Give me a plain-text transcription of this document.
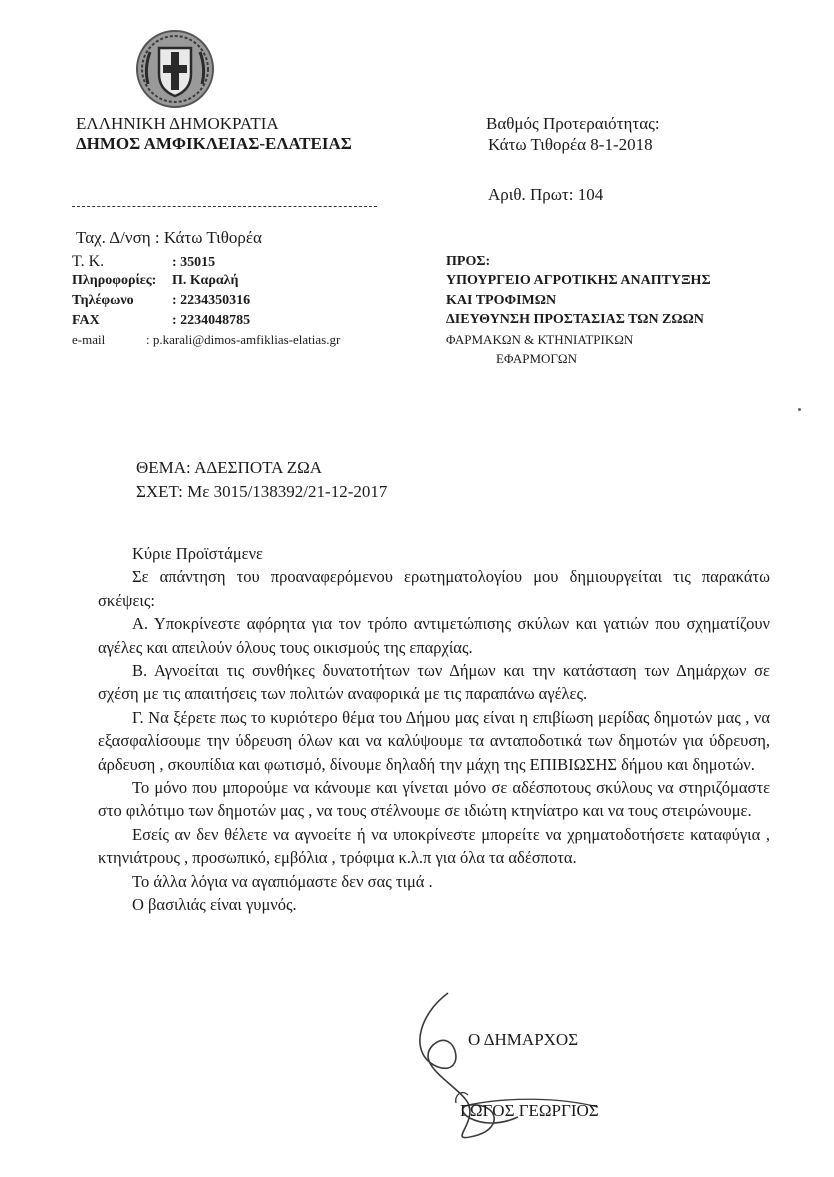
ΕΛΛΗΝΙΚΗ ΔΗΜΟΚΡΑΤΙΑ
ΔΗΜΟΣ ΑΜΦΙΚΛΕΙΑΣ-ΕΛΑΤΕΙΑΣ
Βαθμός Προτεραιότητας:
Κάτω Τιθορέα 8-1-2018
Αριθ. Πρωτ: 104
Ταχ. Δ/νση : Κάτω Τιθορέα
Τ. Κ.	: 35015
Πληροφορίες: Π. Καραλή
Τηλέφωνο	: 2234350316
FAX	: 2234048785
e-mail	: p.karali@dimos-amfiklias-elatias.gr
ΠΡΟΣ:
ΥΠΟΥΡΓΕΙΟ ΑΓΡΟΤΙΚΗΣ ΑΝΑΠΤΥΞΗΣ
ΚΑΙ ΤΡΟΦΙΜΩΝ
ΔΙΕΥΘΥΝΣΗ ΠΡΟΣΤΑΣΙΑΣ ΤΩΝ ΖΩΩΝ
ΦΑΡΜΑΚΩΝ & ΚΤΗΝΙΑΤΡΙΚΩΝ
ΕΦΑΡΜΟΓΩΝ
ΘΕΜΑ: ΑΔΕΣΠΟΤΑ ΖΩΑ
ΣΧΕΤ: Με 3015/138392/21-12-2017

Κύριε Προϊστάμενε

Σε απάντηση του προαναφερόμενου ερωτηματολογίου μου δημιουργείται τις παρακάτω σκέψεις:

Α. Υποκρίνεστε αφόρητα για τον τρόπο αντιμετώπισης σκύλων και γατιών που σχηματίζουν αγέλες και απειλούν όλους τους οικισμούς της επαρχίας.

Β. Αγνοείται τις συνθήκες δυνατοτήτων των Δήμων και την κατάσταση των Δημάρχων σε σχέση με τις απαιτήσεις των πολιτών αναφορικά με τις παραπάνω αγέλες.

Γ. Να ξέρετε πως το κυριότερο θέμα του Δήμου μας είναι η επιβίωση μερίδας δημοτών μας , να εξασφαλίσουμε την ύδρευση όλων και να καλύψουμε τα ανταποδοτικά των δημοτών για ύδρευση, άρδευση , σκουπίδια και φωτισμό, δίνουμε δηλαδή την μάχη της ΕΠΙΒΙΩΣΗΣ δήμου και δημοτών.

Το μόνο που μπορούμε να κάνουμε και γίνεται μόνο σε αδέσποτους σκύλους να στηριζόμαστε στο φιλότιμο των δημοτών μας , να τους στέλνουμε σε ιδιώτη κτηνίατρο και να τους στειρώνουμε.

Εσείς αν δεν θέλετε να αγνοείτε ή να υποκρίνεστε μπορείτε να χρηματοδοτήσετε καταφύγια , κτηνιάτρους , προσωπικό, εμβόλια , τρόφιμα κ.λ.π για όλα τα αδέσποτα.

Το άλλα λόγια να αγαπιόμαστε δεν σας τιμά .

Ο βασιλιάς είναι γυμνός.

Ο ΔΗΜΑΡΧΟΣ
ΓΩΓΟΣ ΓΕΩΡΓΙΟΣ
